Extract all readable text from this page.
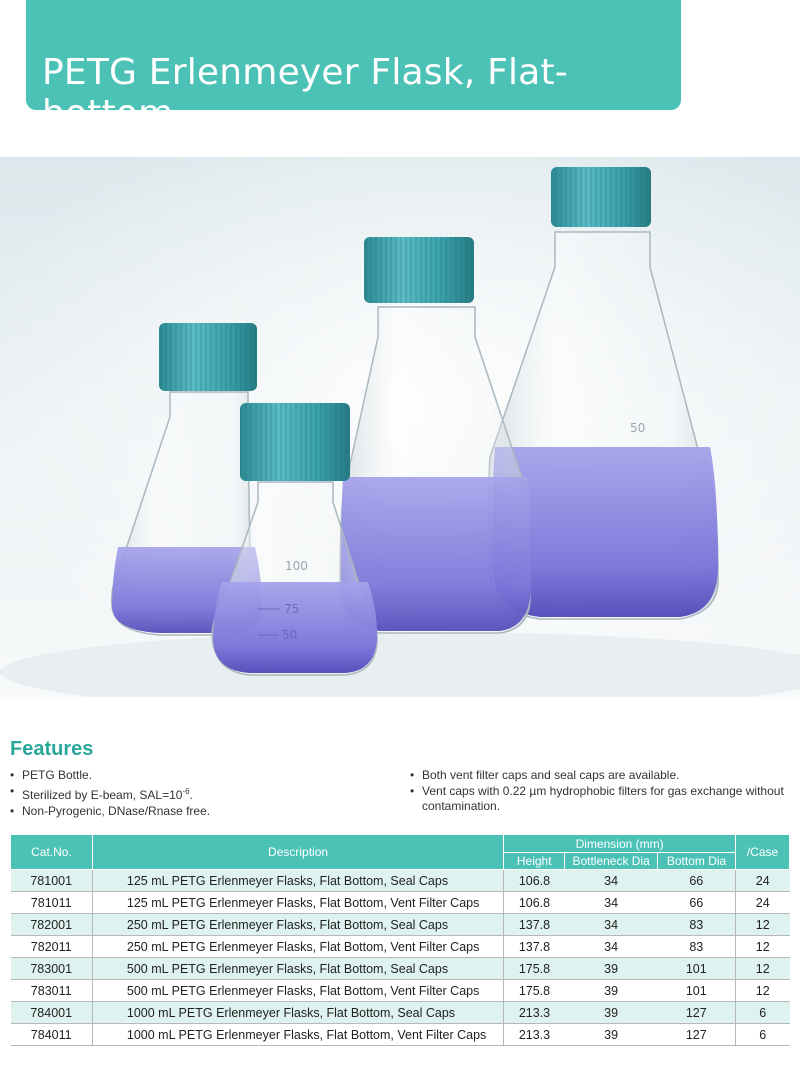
PETG Erlenmeyer Flask, Flat-bottom
50
100
75
50
Features
• PETG Bottle.
• Sterilized by E-beam, $SAL=10^{-6}$.
• Non-Pyrogenic, DNase/Rnase free.
• Both vent filter caps and seal caps are available.
• Vent caps with 0.22 µm hydrophobic filters for gas exchange without contamination.
Cat.No.	Description	Dimension (mm)			/Case
		Height	Bottleneck Dia	Bottom Dia	
781001	125 mL PETG Erlenmeyer Flasks, Flat Bottom, Seal Caps	106.8	34	66	24
781011	125 mL PETG Erlenmeyer Flasks, Flat Bottom, Vent Filter Caps	106.8	34	66	24
782001	250 mL PETG Erlenmeyer Flasks, Flat Bottom, Seal Caps	137.8	34	83	12
782011	250 mL PETG Erlenmeyer Flasks, Flat Bottom, Vent Filter Caps	137.8	34	83	12
783001	500 mL PETG Erlenmeyer Flasks, Flat Bottom, Seal Caps	175.8	39	101	12
783011	500 mL PETG Erlenmeyer Flasks, Flat Bottom, Vent Filter Caps	175.8	39	101	12
784001	1000 mL PETG Erlenmeyer Flasks, Flat Bottom, Seal Caps	213.3	39	127	6
784011	1000 mL PETG Erlenmeyer Flasks, Flat Bottom, Vent Filter Caps	213.3	39	127	6
